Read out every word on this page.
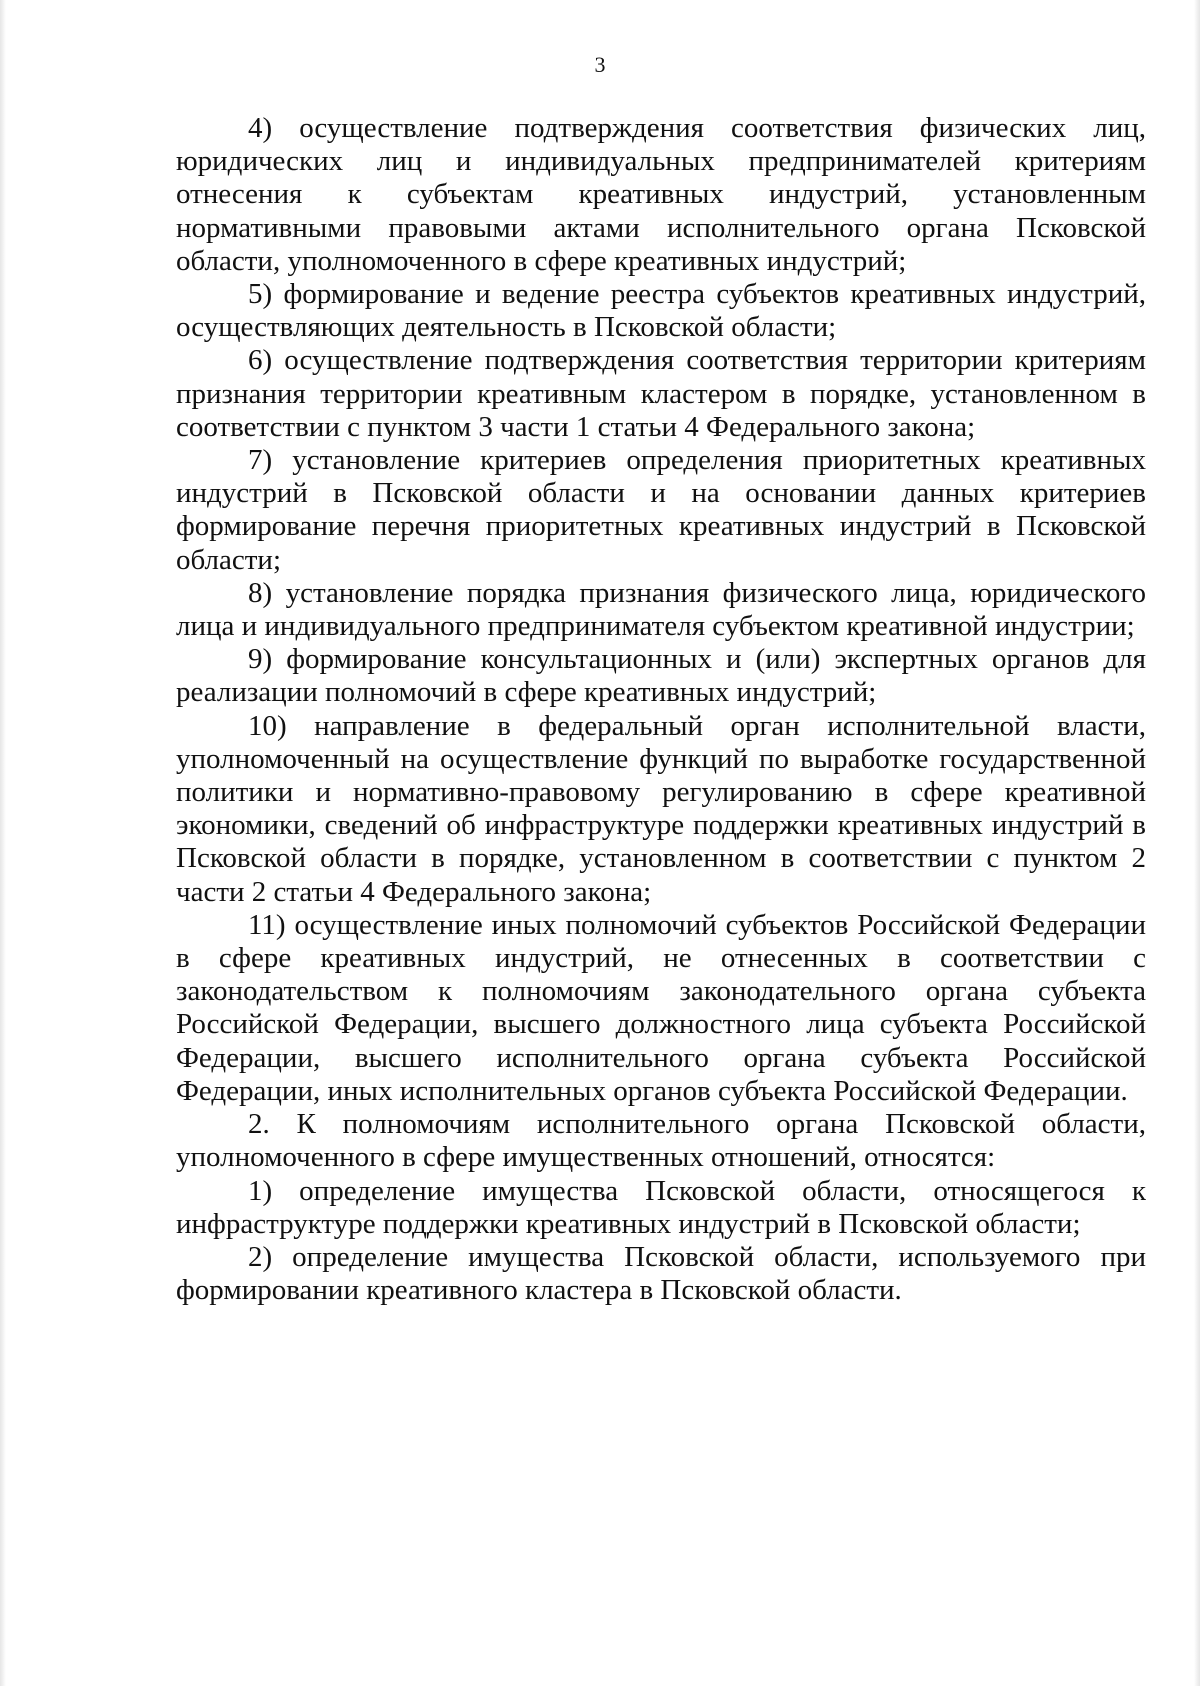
3

4) осуществление подтверждения соответствия физических лиц, юридических лиц и индивидуальных предпринимателей критериям отнесения к субъектам креативных индустрий, установленным нормативными правовыми актами исполнительного органа Псковской области, уполномоченного в сфере креативных индустрий;

5) формирование и ведение реестра субъектов креативных индустрий, осуществляющих деятельность в Псковской области;

6) осуществление подтверждения соответствия территории критериям признания территории креативным кластером в порядке, установленном в соответствии с пунктом 3 части 1 статьи 4 Федерального закона;

7) установление критериев определения приоритетных креативных индустрий в Псковской области и на основании данных критериев формирование перечня приоритетных креативных индустрий в Псковской области;

8) установление порядка признания физического лица, юридического лица и индивидуального предпринимателя субъектом креативной индустрии;

9) формирование консультационных и (или) экспертных органов для реализации полномочий в сфере креативных индустрий;

10) направление в федеральный орган исполнительной власти, уполномоченный на осуществление функций по выработке государственной политики и нормативно-правовому регулированию в сфере креативной экономики, сведений об инфраструктуре поддержки креативных индустрий в Псковской области в порядке, установленном в соответствии с пунктом 2 части 2 статьи 4 Федерального закона;

11) осуществление иных полномочий субъектов Российской Федерации в сфере креативных индустрий, не отнесенных в соответствии с законодательством к полномочиям законодательного органа субъекта Российской Федерации, высшего должностного лица субъекта Российской Федерации, высшего исполнительного органа субъекта Российской Федерации, иных исполнительных органов субъекта Российской Федерации.

2. К полномочиям исполнительного органа Псковской области, уполномоченного в сфере имущественных отношений, относятся:

1) определение имущества Псковской области, относящегося к инфраструктуре поддержки креативных индустрий в Псковской области;

2) определение имущества Псковской области, используемого при формировании креативного кластера в Псковской области.
